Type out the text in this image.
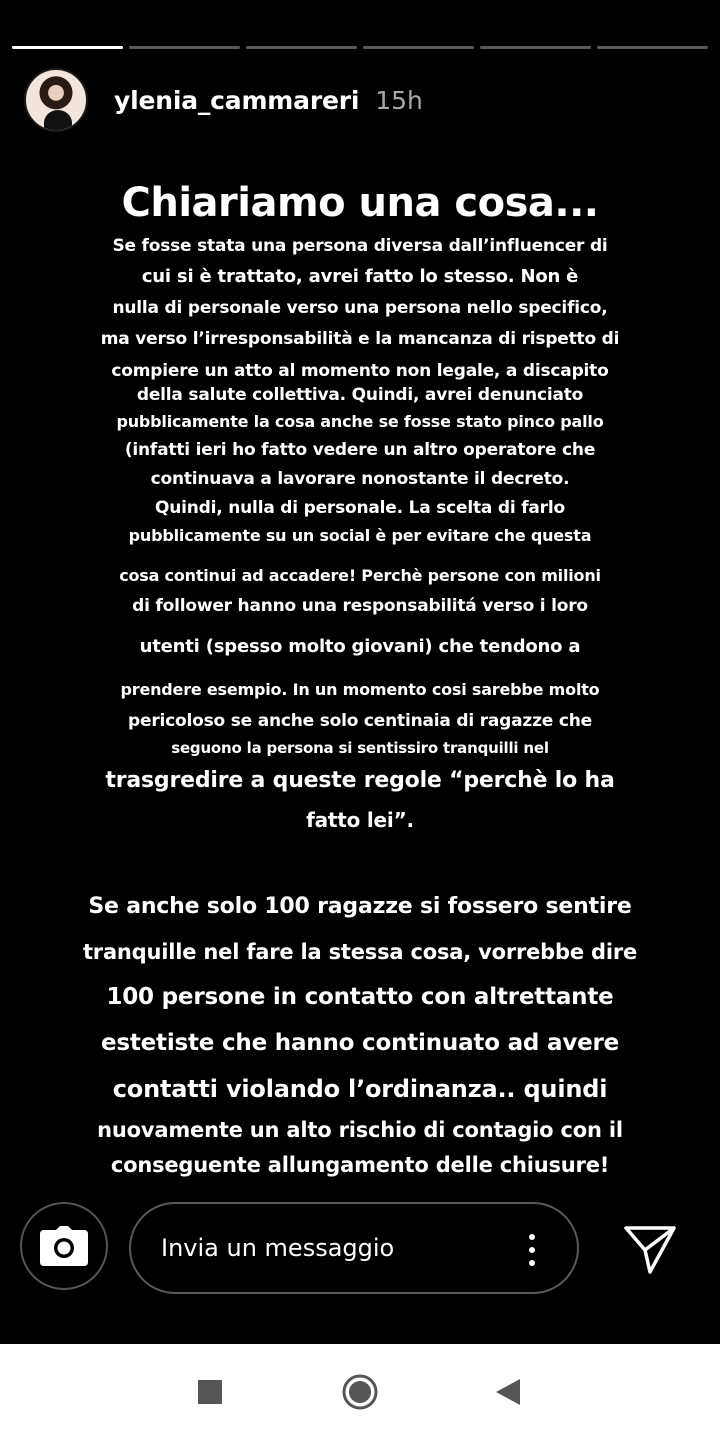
ylenia_cammareri 15h
Chiariamo una cosa...

Se fosse stata una persona diversa dall’influencer di

cui si è trattato, avrei fatto lo stesso. Non è

nulla di personale verso una persona nello specifico,

ma verso l’irresponsabilità e la mancanza di rispetto di

compiere un atto al momento non legale, a discapito

della salute collettiva. Quindi, avrei denunciato

pubblicamente la cosa anche se fosse stato pinco pallo

(infatti ieri ho fatto vedere un altro operatore che

continuava a lavorare nonostante il decreto.

Quindi, nulla di personale. La scelta di farlo

pubblicamente su un social è per evitare che questa

cosa continui ad accadere! Perchè persone con milioni

di follower hanno una responsabilitá verso i loro

utenti (spesso molto giovani) che tendono a

prendere esempio. In un momento cosi sarebbe molto

pericoloso se anche solo centinaia di ragazze che

seguono la persona si sentissiro tranquilli nel

trasgredire a queste regole “perchè lo ha

fatto lei”.

Se anche solo 100 ragazze si fossero sentire

tranquille nel fare la stessa cosa, vorrebbe dire

100 persone in contatto con altrettante

estetiste che hanno continuato ad avere

contatti violando l’ordinanza.. quindi

nuovamente un alto rischio di contagio con il

conseguente allungamento delle chiusure!

Invia un messaggio
